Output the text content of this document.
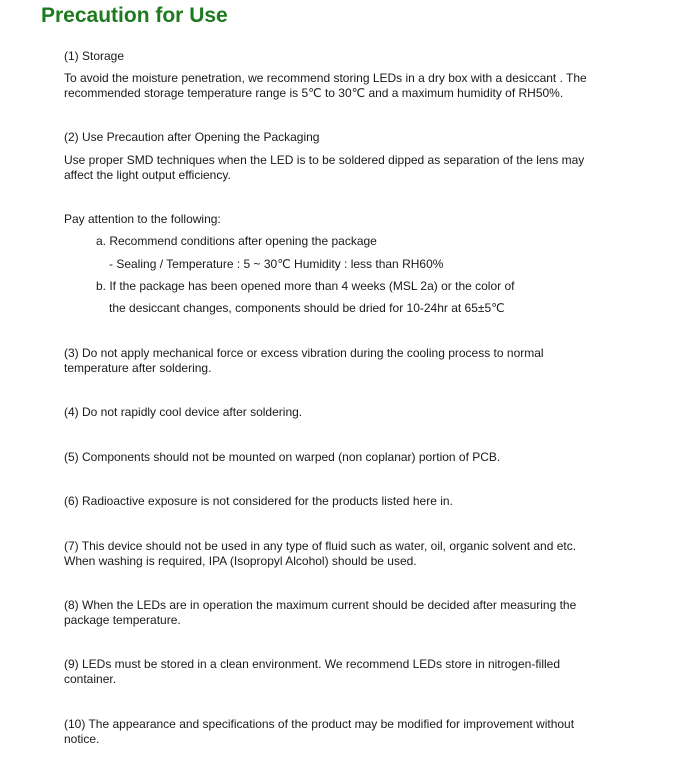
Precaution for Use
(1) Storage
To avoid the moisture penetration, we recommend storing LEDs in a dry box with a desiccant . The
recommended storage temperature range is 5℃ to 30℃ and a maximum humidity of RH50%.
(2) Use Precaution after Opening the Packaging
Use proper SMD techniques when the LED is to be soldered dipped as separation of the lens may
affect the light output efficiency.
Pay attention to the following:
a. Recommend conditions after opening the package
- Sealing / Temperature : 5 ~ 30℃ Humidity : less than RH60%
b. If the package has been opened more than 4 weeks (MSL 2a) or the color of
the desiccant changes, components should be dried for 10-24hr at 65±5℃
(3) Do not apply mechanical force or excess vibration during the cooling process to normal
temperature after soldering.
(4) Do not rapidly cool device after soldering.
(5) Components should not be mounted on warped (non coplanar) portion of PCB.
(6) Radioactive exposure is not considered for the products listed here in.
(7) This device should not be used in any type of fluid such as water, oil, organic solvent and etc.
When washing is required, IPA (Isopropyl Alcohol) should be used.
(8) When the LEDs are in operation the maximum current should be decided after measuring the
package temperature.
(9) LEDs must be stored in a clean environment. We recommend LEDs store in nitrogen-filled
container.
(10) The appearance and specifications of the product may be modified for improvement without
notice.
